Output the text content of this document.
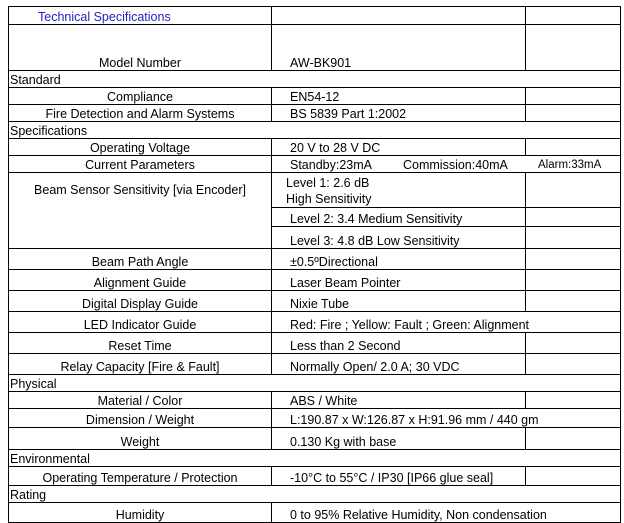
Technical Specifications		
Model Number	AW-BK901	
Standard		
Compliance	EN54-12	
Fire Detection and Alarm Systems	BS 5839 Part 1:2002	
Specifications		
Operating Voltage	20 V to 28 V DC	
Current Parameters	Standby:23mA Commission:40mA Alarm:33mA	

Beam Sensor Sensitivity [via Encoder]	Level 1: 2.6 dB
High Sensitivity	

	Level 2: 3.4 Medium Sensitivity	
	Level 3: 4.8 dB Low Sensitivity	
Beam Path Angle	±0.5ºDirectional	
Alignment Guide	Laser Beam Pointer	
Digital Display Guide	Nixie Tube	
LED Indicator Guide	Red: Fire ; Yellow: Fault ; Green: Alignment	
Reset Time	Less than 2 Second	
Relay Capacity [Fire & Fault]	Normally Open/ 2.0 A; 30 VDC	
Physical		
Material / Color	ABS / White	
Dimension / Weight	L:190.87 x W:126.87 x H:91.96 mm / 440 gm	
Weight	0.130 Kg with base	
Environmental		
Operating Temperature / Protection	-10°C to 55°C / IP30 [IP66 glue seal]	
Rating		
Humidity	0 to 95% Relative Humidity, Non condensation	
